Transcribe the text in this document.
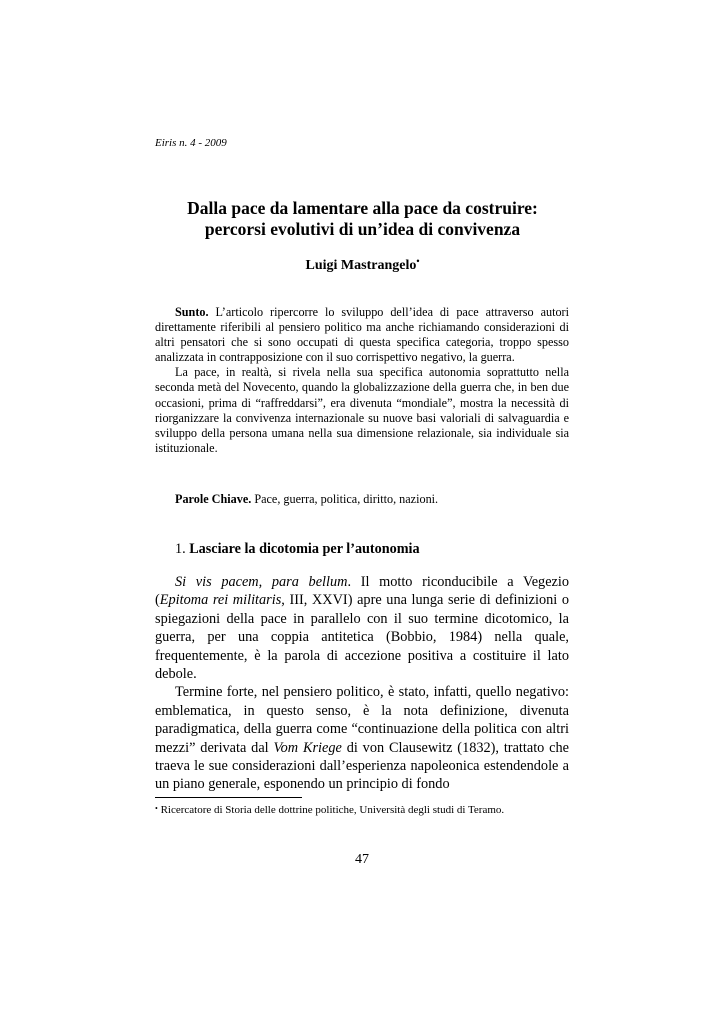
Eiris n. 4 - 2009
Dalla pace da lamentare alla pace da costruire:
percorsi evolutivi di un’idea di convivenza
Luigi Mastrangelo•

Sunto. L’articolo ripercorre lo sviluppo dell’idea di pace attraverso autori direttamente riferibili al pensiero politico ma anche richiamando considerazioni di altri pensatori che si sono occupati di questa specifica categoria, troppo spesso analizzata in contrapposizione con il suo corrispettivo negativo, la guerra.

La pace, in realtà, si rivela nella sua specifica autonomia soprattutto nella seconda metà del Novecento, quando la globalizzazione della guerra che, in ben due occasioni, prima di “raffreddarsi”, era divenuta “mondiale”, mostra la necessità di riorganizzare la convivenza internazionale su nuove basi valoriali di salvaguardia e sviluppo della persona umana nella sua dimensione relazionale, sia individuale sia istituzionale.

Parole Chiave. Pace, guerra, politica, diritto, nazioni.
1. Lasciare la dicotomia per l’autonomia

Si vis pacem, para bellum. Il motto riconducibile a Vegezio (Epitoma rei militaris, III, XXVI) apre una lunga serie di definizioni o spiegazioni della pace in parallelo con il suo termine dicotomico, la guerra, per una coppia antitetica (Bobbio, 1984) nella quale, frequentemente, è la parola di accezione positiva a costituire il lato debole.

Termine forte, nel pensiero politico, è stato, infatti, quello negativo: emblematica, in questo senso, è la nota definizione, divenuta paradigmatica, della guerra come “continuazione della politica con altri mezzi” derivata dal Vom Kriege di von Clausewitz (1832), trattato che traeva le sue considerazioni dall’esperienza napoleonica estendendole a un piano generale, esponendo un principio di fondo

• Ricercatore di Storia delle dottrine politiche, Università degli studi di Teramo.
47
